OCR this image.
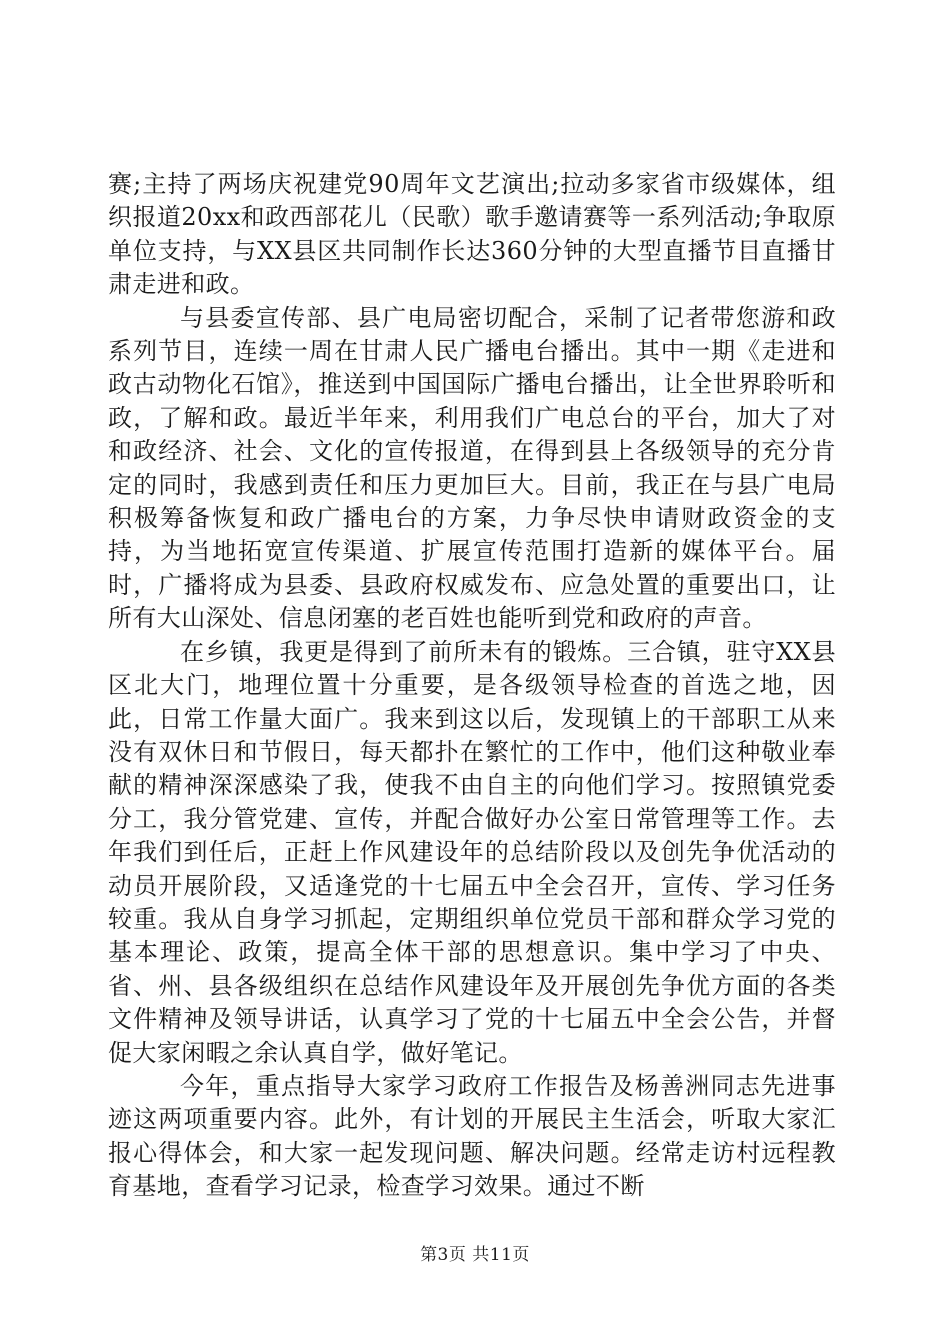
赛;主持了两场庆祝建党90周年文艺演出;拉动多家省市级媒体，组织报道20xx和政西部花儿（民歌）歌手邀请赛等一系列活动;争取原单位支持，与XX县区共同制作长达360分钟的大型直播节目直播甘肃走进和政。

与县委宣传部、县广电局密切配合，采制了记者带您游和政系列节目，连续一周在甘肃人民广播电台播出。其中一期《走进和政古动物化石馆》，推送到中国国际广播电台播出，让全世界聆听和政，了解和政。最近半年来，利用我们广电总台的平台，加大了对和政经济、社会、文化的宣传报道，在得到县上各级领导的充分肯定的同时，我感到责任和压力更加巨大。目前，我正在与县广电局积极筹备恢复和政广播电台的方案，力争尽快申请财政资金的支持，为当地拓宽宣传渠道、扩展宣传范围打造新的媒体平台。届时，广播将成为县委、县政府权威发布、应急处置的重要出口，让所有大山深处、信息闭塞的老百姓也能听到党和政府的声音。

在乡镇，我更是得到了前所未有的锻炼。三合镇，驻守XX县区北大门，地理位置十分重要，是各级领导检查的首选之地，因此，日常工作量大面广。我来到这以后，发现镇上的干部职工从来没有双休日和节假日，每天都扑在繁忙的工作中，他们这种敬业奉献的精神深深感染了我，使我不由自主的向他们学习。按照镇党委分工，我分管党建、宣传，并配合做好办公室日常管理等工作。去年我们到任后，正赶上作风建设年的总结阶段以及创先争优活动的动员开展阶段，又适逢党的十七届五中全会召开，宣传、学习任务较重。我从自身学习抓起，定期组织单位党员干部和群众学习党的基本理论、政策，提高全体干部的思想意识。集中学习了中央、省、州、县各级组织在总结作风建设年及开展创先争优方面的各类文件精神及领导讲话，认真学习了党的十七届五中全会公告，并督促大家闲暇之余认真自学，做好笔记。

今年，重点指导大家学习政府工作报告及杨善洲同志先进事迹这两项重要内容。此外，有计划的开展民主生活会，听取大家汇报心得体会，和大家一起发现问题、解决问题。经常走访村远程教育基地，查看学习记录，检查学习效果。通过不断

第3页 共11页
